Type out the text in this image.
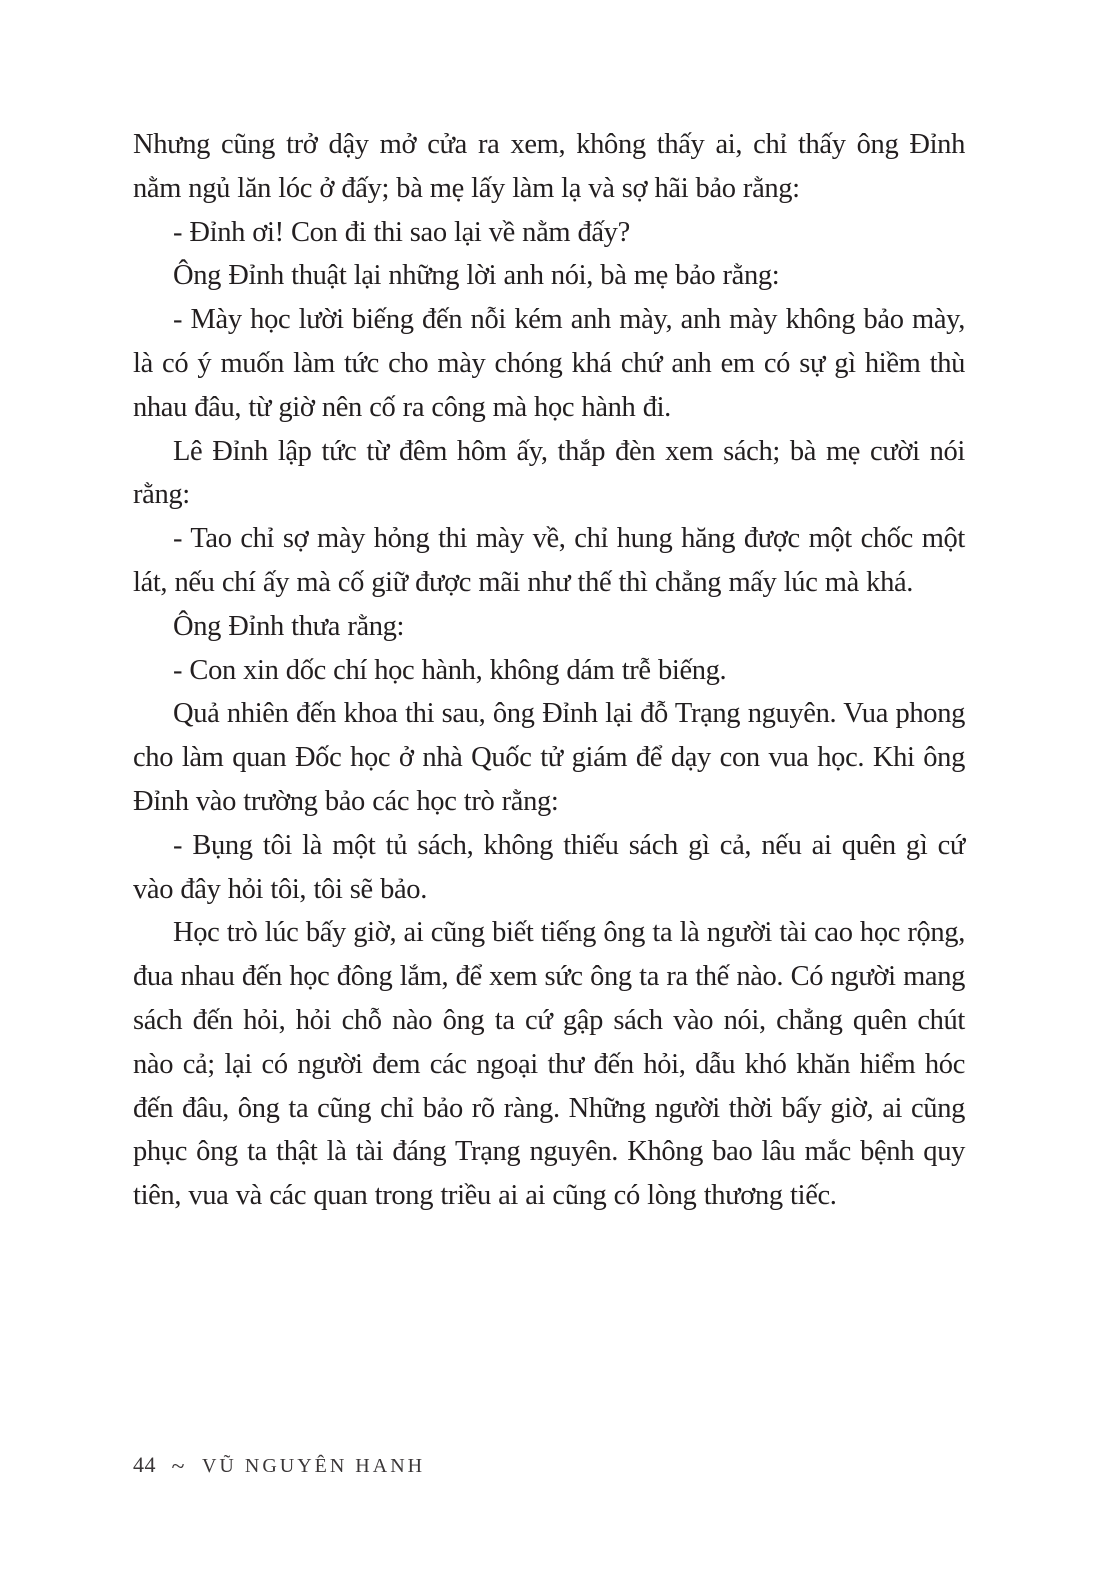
Nhưng cũng trở dậy mở cửa ra xem, không thấy ai, chỉ thấy ông Đỉnh nằm ngủ lăn lóc ở đấy; bà mẹ lấy làm lạ và sợ hãi bảo rằng:

- Đỉnh ơi! Con đi thi sao lại về nằm đấy?

Ông Đỉnh thuật lại những lời anh nói, bà mẹ bảo rằng:

- Mày học lười biếng đến nỗi kém anh mày, anh mày không bảo mày, là có ý muốn làm tức cho mày chóng khá chứ anh em có sự gì hiềm thù nhau đâu, từ giờ nên cố ra công mà học hành đi.

Lê Đỉnh lập tức từ đêm hôm ấy, thắp đèn xem sách; bà mẹ cười nói rằng:

- Tao chỉ sợ mày hỏng thi mày về, chỉ hung hăng được một chốc một lát, nếu chí ấy mà cố giữ được mãi như thế thì chẳng mấy lúc mà khá.

Ông Đỉnh thưa rằng:

- Con xin dốc chí học hành, không dám trễ biếng.

Quả nhiên đến khoa thi sau, ông Đỉnh lại đỗ Trạng nguyên. Vua phong cho làm quan Đốc học ở nhà Quốc tử giám để dạy con vua học. Khi ông Đỉnh vào trường bảo các học trò rằng:

- Bụng tôi là một tủ sách, không thiếu sách gì cả, nếu ai quên gì cứ vào đây hỏi tôi, tôi sẽ bảo.

Học trò lúc bấy giờ, ai cũng biết tiếng ông ta là người tài cao học rộng, đua nhau đến học đông lắm, để xem sức ông ta ra thế nào. Có người mang sách đến hỏi, hỏi chỗ nào ông ta cứ gập sách vào nói, chẳng quên chút nào cả; lại có người đem các ngoại thư đến hỏi, dẫu khó khăn hiểm hóc đến đâu, ông ta cũng chỉ bảo rõ ràng. Những người thời bấy giờ, ai cũng phục ông ta thật là tài đáng Trạng nguyên. Không bao lâu mắc bệnh quy tiên, vua và các quan trong triều ai ai cũng có lòng thương tiếc.

44 ~ VŨ NGUYÊN HANH
